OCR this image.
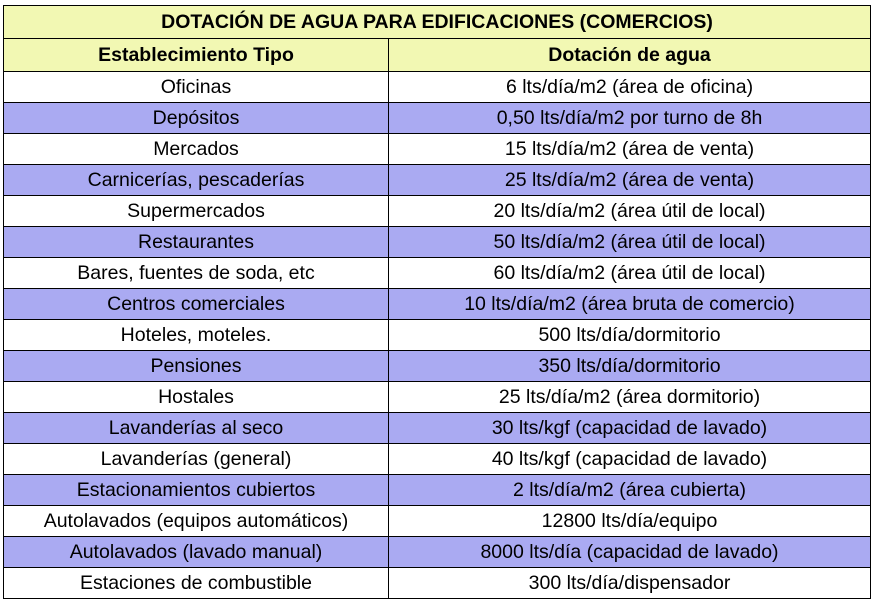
DOTACIÓN DE AGUA PARA EDIFICACIONES (COMERCIOS)	
Establecimiento Tipo	Dotación de agua
Oficinas	6 lts/día/m2 (área de oficina)
Depósitos	0,50 lts/día/m2 por turno de 8h
Mercados	15 lts/día/m2 (área de venta)
Carnicerías, pescaderías	25 lts/día/m2 (área de venta)
Supermercados	20 lts/día/m2 (área útil de local)
Restaurantes	50 lts/día/m2 (área útil de local)
Bares, fuentes de soda, etc	60 lts/día/m2 (área útil de local)
Centros comerciales	10 lts/día/m2 (área bruta de comercio)
Hoteles, moteles.	500 lts/día/dormitorio
Pensiones	350 lts/día/dormitorio
Hostales	25 lts/día/m2 (área dormitorio)
Lavanderías al seco	30 lts/kgf (capacidad de lavado)
Lavanderías (general)	40 lts/kgf (capacidad de lavado)
Estacionamientos cubiertos	2 lts/día/m2 (área cubierta)
Autolavados (equipos automáticos)	12800 lts/día/equipo
Autolavados (lavado manual)	8000 lts/día (capacidad de lavado)
Estaciones de combustible	300 lts/día/dispensador
